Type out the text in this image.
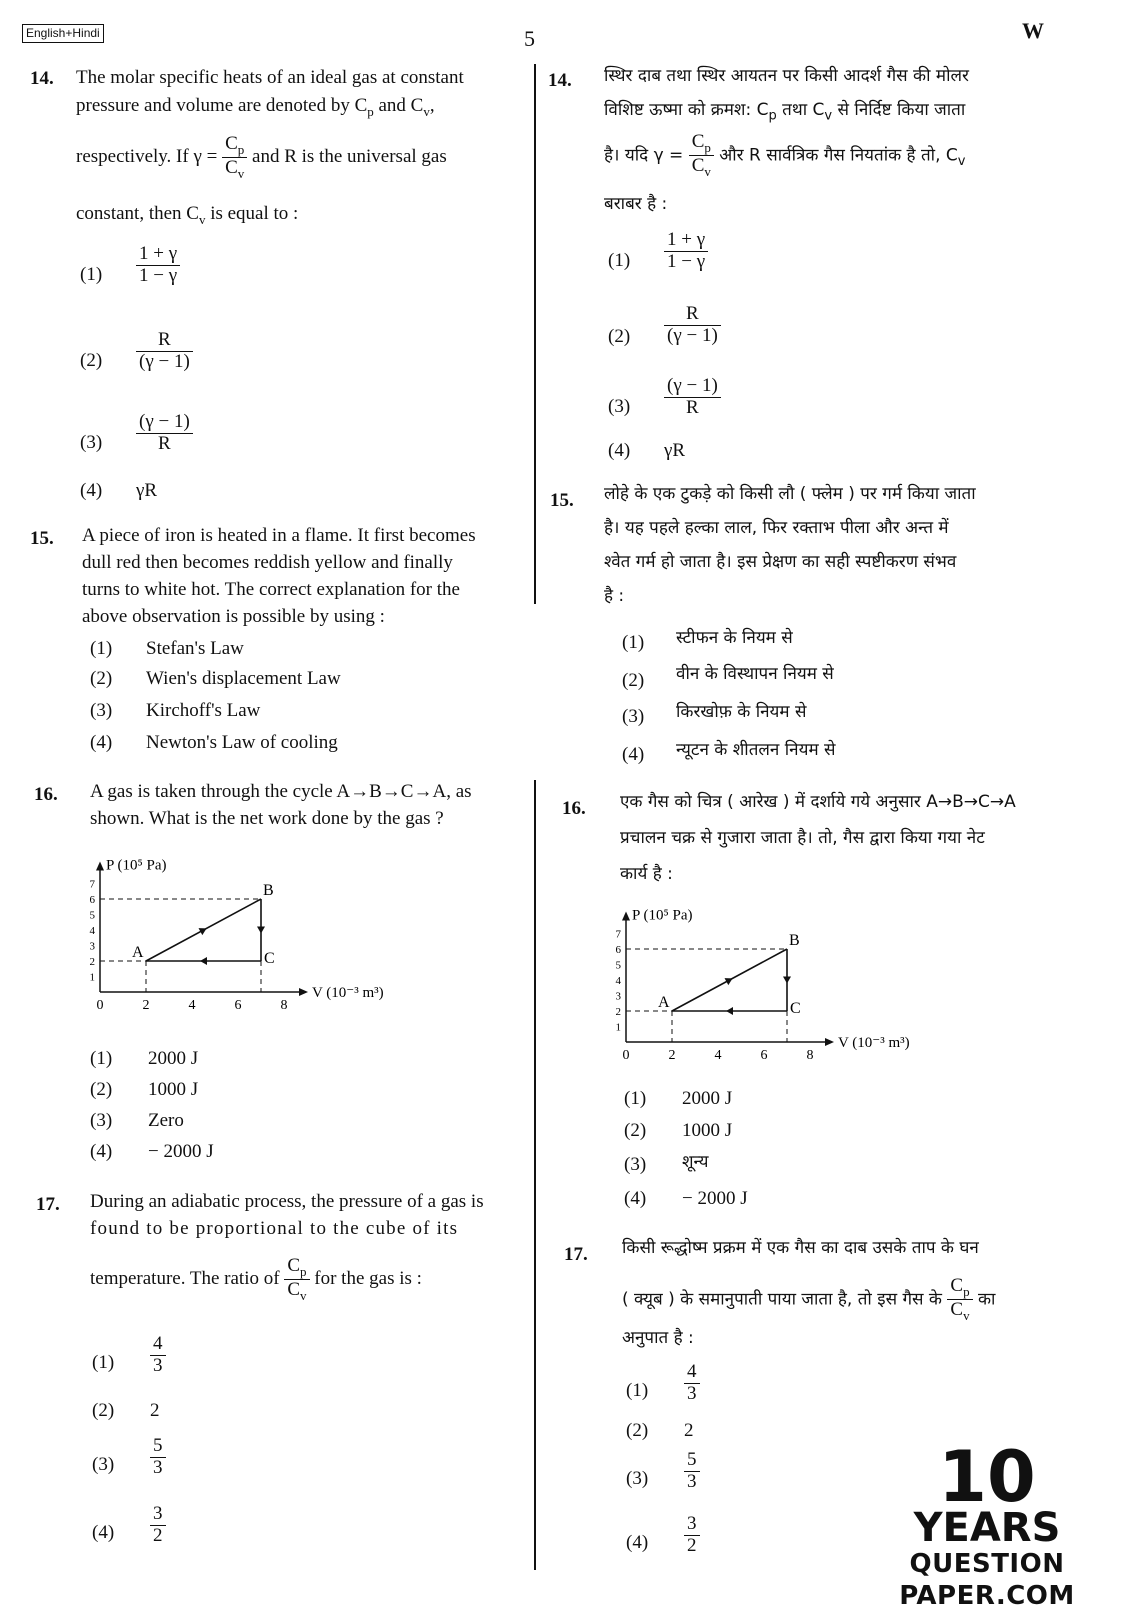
English+Hindi	5	W
14. The molar specific heats of an ideal gas at constant
pressure and volume are denoted by $C_p$ and $C_v$,
respectively. If $\gamma = \frac{C_p}{C_v}$ and R is the universal gas
constant, then $C_v$ is equal to :
$(1) \frac{1 + \gamma}{1 - \gamma}$
$(2) \frac{R}{(\gamma - 1)}$
$(3) \frac{(\gamma - 1)}{R}$
(4) γR
15. A piece of iron is heated in a flame. It first becomes
dull red then becomes reddish yellow and finally
turns to white hot. The correct explanation for the
above observation is possible by using :
(1) Stefan's Law
(2) Wien's displacement Law
(3) Kirchoff's Law
(4) Newton's Law of cooling
16. A gas is taken through the cycle A→B→C→A, as
shown. What is the net work done by the gas ?
P (10⁵ Pa)
V (10⁻³ m³)
0	2	4	6	8
1
2
3
4
5
6
7
A
B
C
(1) 2000 J
(2) 1000 J
(3) Zero
(4) − 2000 J
17. During an adiabatic process, the pressure of a gas is
found to be proportional to the cube of its
temperature. The ratio of $\frac{C_p}{C_v}$ for the gas is :
$(1) \frac{4}{3}$
(2) 2
$(3) \frac{5}{3}$
$(4) \frac{3}{2}$
14. स्थिर दाब तथा स्थिर आयतन पर किसी आदर्श गैस की मोलर
विशिष्ट ऊष्मा को क्रमश: $C_p$ तथा $C_v$ से निर्दिष्ट किया जाता
है। यदि $\gamma = \frac{C_p}{C_v}$ और R सार्वत्रिक गैस नियतांक है तो, $C_v$
बराबर है :
$(1) \frac{1 + \gamma}{1 - \gamma}$
$(2) \frac{R}{(\gamma - 1)}$
$(3) \frac{(\gamma - 1)}{R}$
(4) γR
15. लोहे के एक टुकड़े को किसी लौ ( फ्लेम ) पर गर्म किया जाता
है। यह पहले हल्का लाल, फिर रक्ताभ पीला और अन्त में
श्वेत गर्म हो जाता है। इस प्रेक्षण का सही स्पष्टीकरण संभव
है :
(1) स्टीफन के नियम से
(2) वीन के विस्थापन नियम से
(3) किरखोफ़ के नियम से
(4) न्यूटन के शीतलन नियम से
16. एक गैस को चित्र ( आरेख ) में दर्शाये गये अनुसार A→B→C→A
प्रचालन चक्र से गुजारा जाता है। तो, गैस द्वारा किया गया नेट
कार्य है :
P (10⁵ Pa)
V (10⁻³ m³)
0	2	4	6	8
1
2
3
4
5
6
7
A
B
C
(1) 2000 J
(2) 1000 J
(3) शून्य
(4) − 2000 J
17. किसी रूद्धोष्म प्रक्रम में एक गैस का दाब उसके ताप के घन
( क्यूब ) के समानुपाती पाया जाता है, तो इस गैस के $\frac{C_p}{C_v}$ का
अनुपात है :
$(1) \frac{4}{3}$
(2) 2
$(3) \frac{5}{3}$
$(4) \frac{3}{2}$
10
YEARS
QUESTION PAPER.COM
